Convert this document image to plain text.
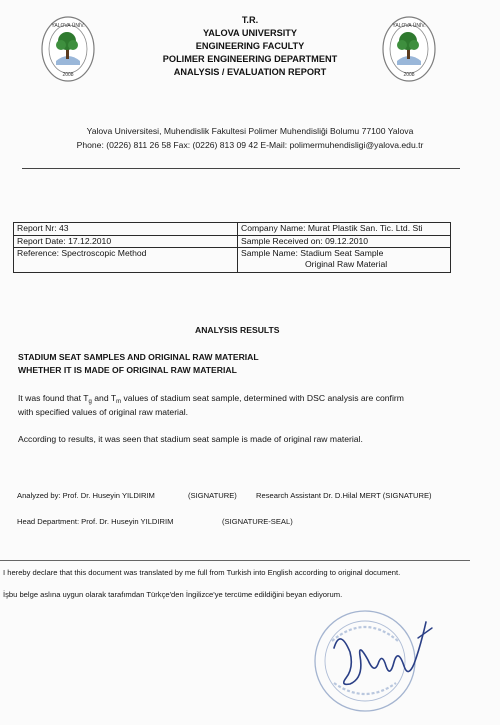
YALOVA ÜNİV.
2008
YALOVA ÜNİV.
2008
T.R.
YALOVA UNIVERSITY
ENGINEERING FACULTY
POLIMER ENGINEERING DEPARTMENT
ANALYSIS / EVALUATION REPORT
Yalova Universitesi, Muhendislik Fakultesi Polimer Muhendisliği Bolumu 77100 Yalova
Phone: (0226) 811 26 58 Fax: (0226) 813 09 42 E-Mail: polimermuhendisligi@yalova.edu.tr
Report Nr: 43	Company Name: Murat Plastik San. Tic. Ltd. Sti
Report Date: 17.12.2010	Sample Received on: 09.12.2010
Reference: Spectroscopic Method	Sample Name: Stadium Seat Sample
Original Raw Material
ANALYSIS RESULTS
STADIUM SEAT SAMPLES AND ORIGINAL RAW MATERIAL
WHETHER IT IS MADE OF ORIGINAL RAW MATERIAL
It was found that $T_g$ and $T_m$ values of stadium seat sample, determined with DSC analysis are confirm
with specified values of original raw material.
According to results, it was seen that stadium seat sample is made of original raw material.
Analyzed by: Prof. Dr. Huseyin YILDIRIM	(SIGNATURE)	Research Assistant Dr. D.Hilal MERT (SIGNATURE)
Head Department: Prof. Dr. Huseyin YILDIRIM	(SIGNATURE-SEAL)
I hereby declare that this document was translated by me full from Turkish into English according to original document.
İşbu belge aslına uygun olarak tarafımdan Türkçe'den İngilizce'ye tercüme edildiğini beyan ediyorum.
